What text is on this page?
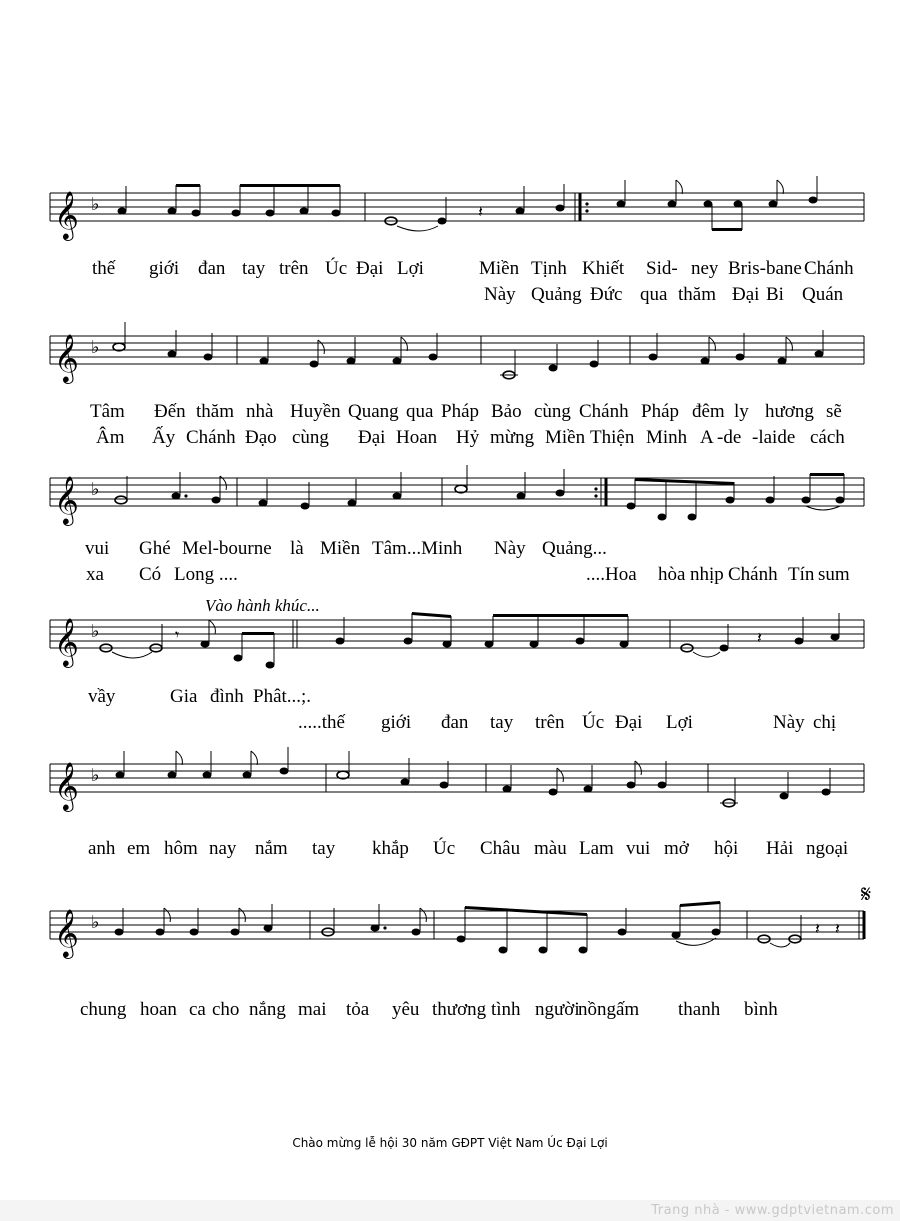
𝄞 ♭	𝄽
thế giới đan tay trên Úc Đại Lợi	Miền Tịnh Khiết Sid- ney Bris-bane Chánh
Này Quảng Đức qua thăm Đại Bi Quán
𝄞 ♭
Tâm Đến thăm nhà Huyền Quang qua Pháp Bảo cùng Chánh Pháp đêm ly hương sẽ
Âm Ấy Chánh Đạo cùng Đại Hoan Hỷ mừng Miền Thiện Minh A -de -laide cách
𝄞 ♭
vui Ghé Mel-bourne là Miền Tâm...Minh Này Quảng...
xa Có Long ....	....Hoa hòa nhịp Chánh Tín sum
Vào hành khúc...
𝄞 ♭	𝄾	𝄽
vầy	Gia đình Phât...;.
.....thế giới đan tay trên Úc Đại Lợi	Này chị
𝄞 ♭
anh em hôm nay nắm tay khắp Úc Châu màu Lam vui mở hội Hải ngoại
𝄞 ♭
𝄋
𝄽 𝄽
chung hoan ca cho nắng mai tỏa yêu thương tình người
nồng ấm thanh bình
Chào mừng lễ hội 30 năm GĐPT Việt Nam Úc Đại Lợi
Trang nhà - www.gdptvietnam.com
